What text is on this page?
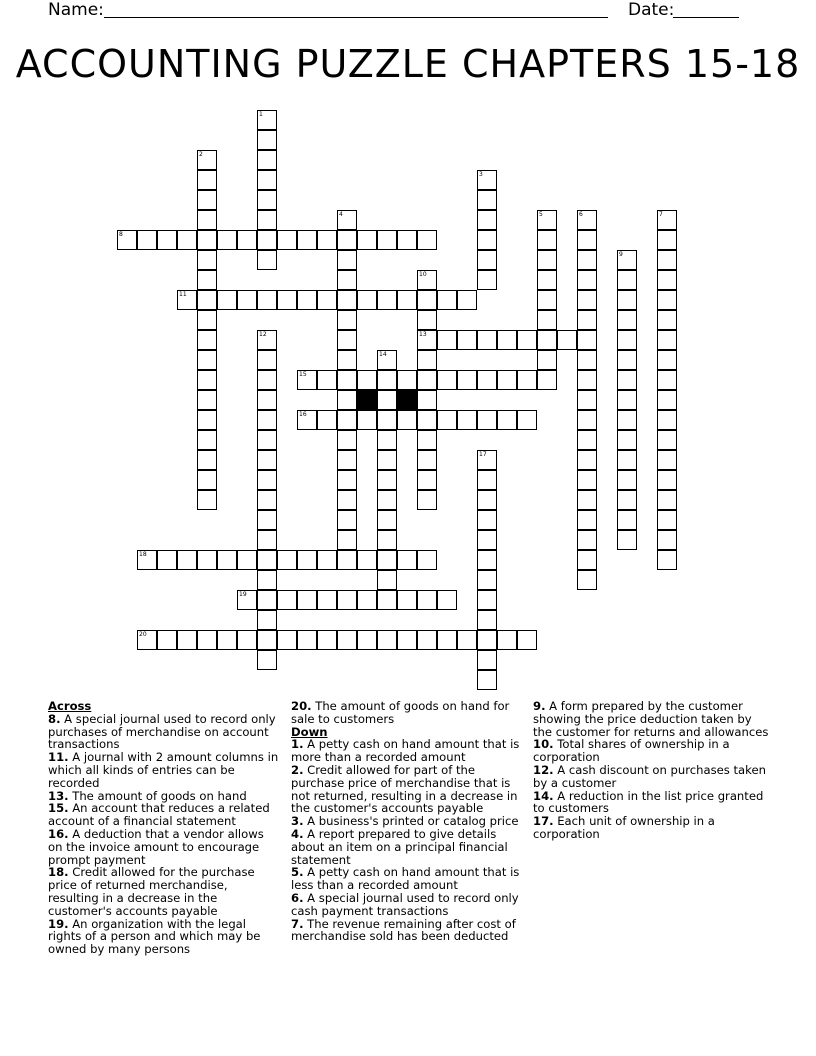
Name:	Date:
ACCOUNTING PUZZLE CHAPTERS 15-18
1
2
3
4	5	6	7
8
9
10
13
11
12
14
15
16
17
18
19
20
Across
8. A special journal used to record only purchases of merchandise on account transactions
11. A journal with 2 amount columns in which all kinds of entries can be recorded
13. The amount of goods on hand
15. An account that reduces a related account of a financial statement
16. A deduction that a vendor allows on the invoice amount to encourage prompt payment
18. Credit allowed for the purchase price of returned merchandise, resulting in a decrease in the customer's accounts payable
19. An organization with the legal rights of a person and which may be owned by many persons
20. The amount of goods on hand for sale to customers
Down
1. A petty cash on hand amount that is more than a recorded amount
2. Credit allowed for part of the purchase price of merchandise that is not returned, resulting in a decrease in the customer's accounts payable
3. A business's printed or catalog price
4. A report prepared to give details about an item on a principal financial statement
5. A petty cash on hand amount that is less than a recorded amount
6. A special journal used to record only cash payment transactions
7. The revenue remaining after cost of merchandise sold has been deducted
9. A form prepared by the customer showing the price deduction taken by the customer for returns and allowances
10. Total shares of ownership in a corporation
12. A cash discount on purchases taken by a customer
14. A reduction in the list price granted to customers
17. Each unit of ownership in a corporation
